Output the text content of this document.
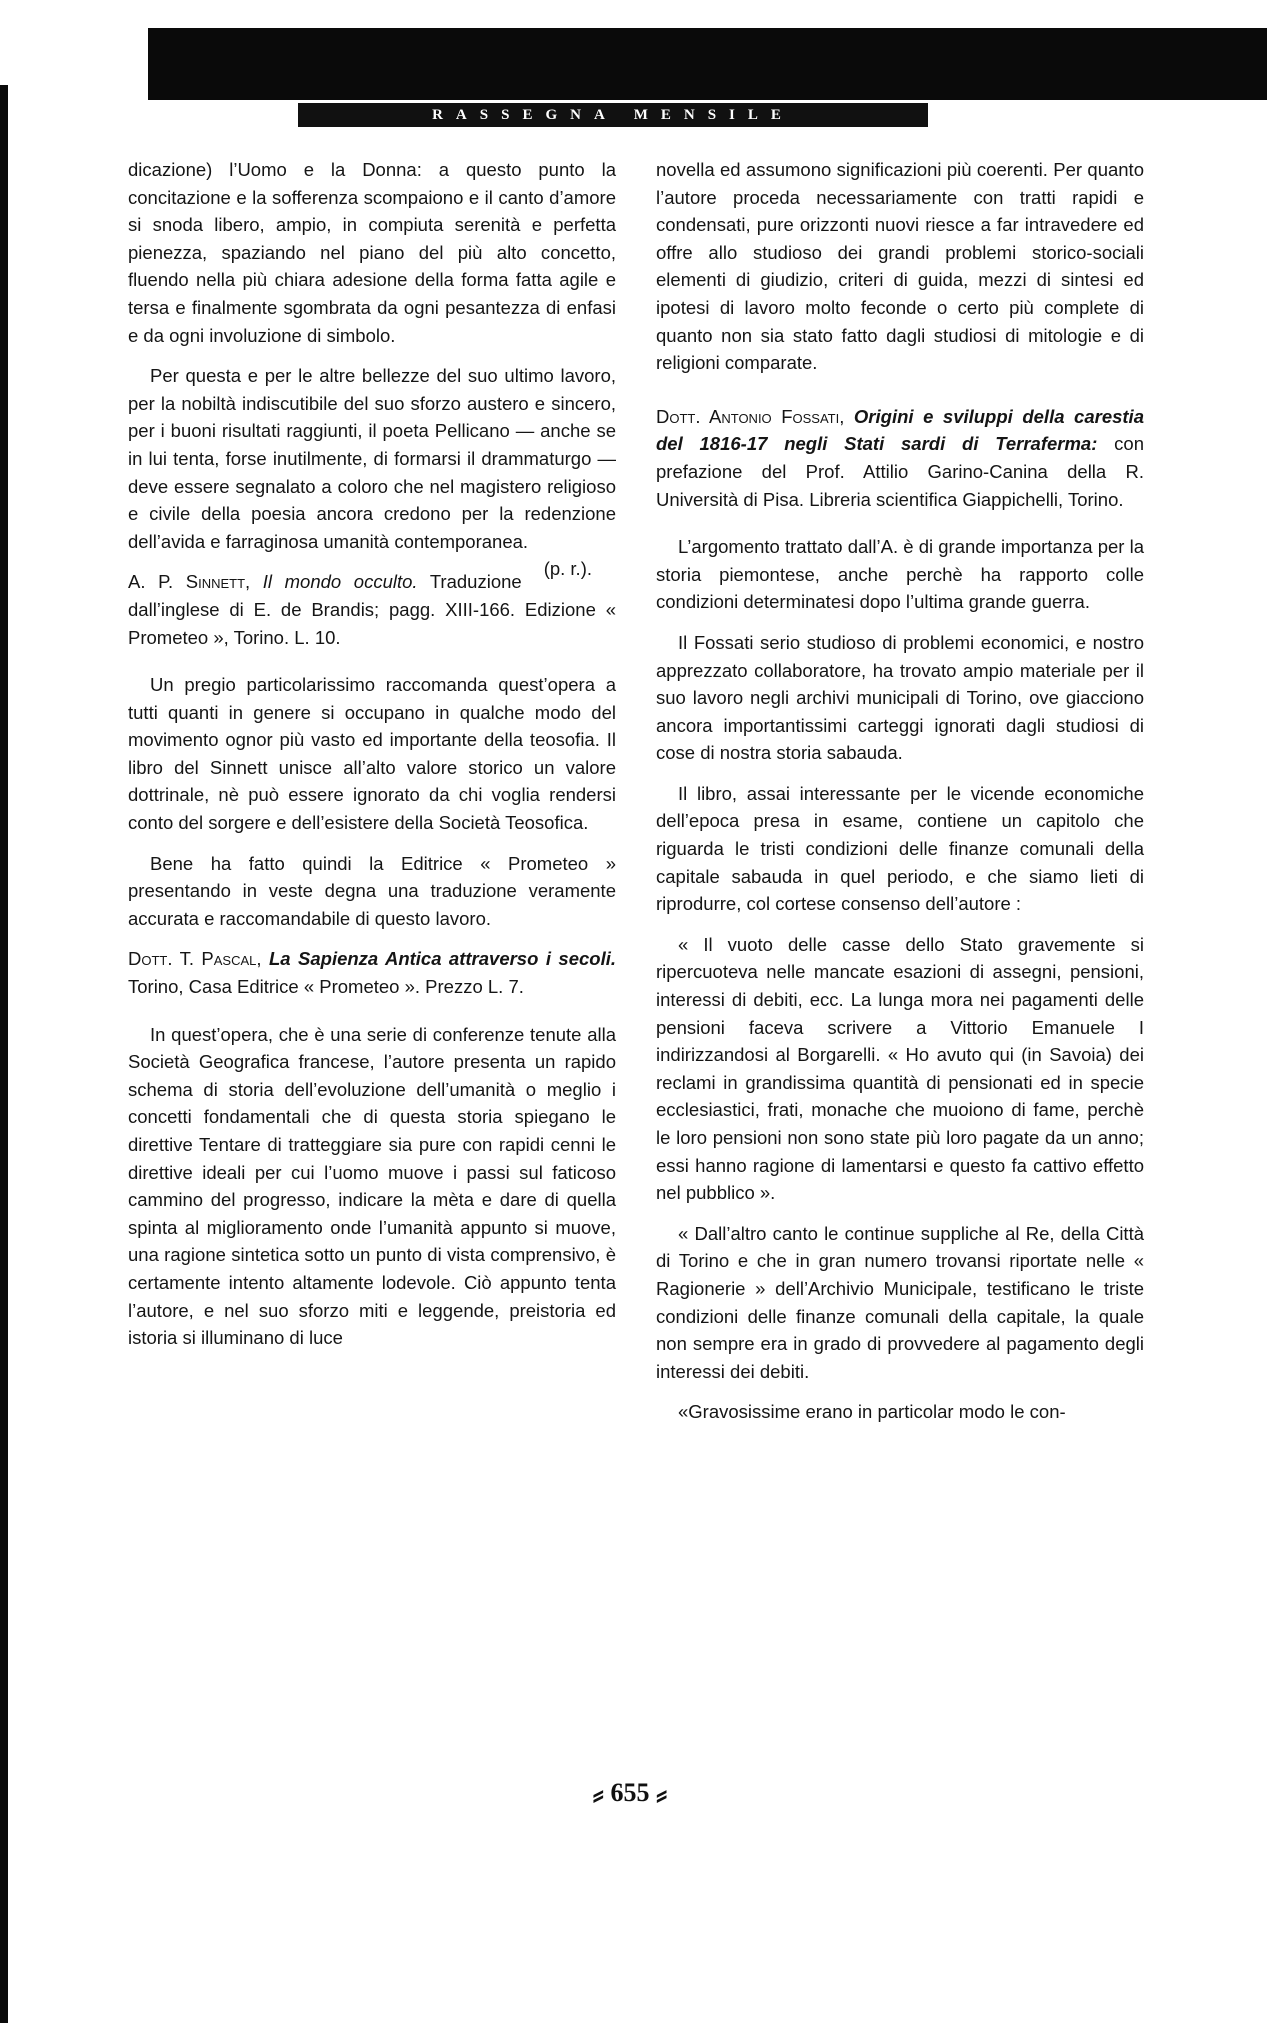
RASSEGNA MENSILE

dicazione) l’Uomo e la Donna: a questo punto la concitazione e la sofferenza scompaiono e il canto d’amore si snoda libero, ampio, in compiuta serenità e perfetta pienezza, spaziando nel piano del più alto concetto, fluendo nella più chiara adesione della forma fatta agile e tersa e finalmente sgombrata da ogni pesantezza di enfasi e da ogni involuzione di simbolo.

Per questa e per le altre bellezze del suo ultimo lavoro, per la nobiltà indiscutibile del suo sforzo austero e sincero, per i buoni risultati raggiunti, il poeta Pellicano — anche se in lui tenta, forse inutilmente, di formarsi il drammaturgo — deve essere segnalato a coloro che nel magistero religioso e civile della poesia ancora credono per la redenzione dell’avida e farraginosa umanità contemporanea.
(p. r.).

A. P. Sinnett, Il mondo occulto. Traduzione dall’inglese di E. de Brandis; pagg. XIII-166. Edizione « Prometeo », Torino. L. 10.

Un pregio particolarissimo raccomanda quest’opera a tutti quanti in genere si occupano in qualche modo del movimento ognor più vasto ed importante della teosofia. Il libro del Sinnett unisce all’alto valore storico un valore dottrinale, nè può essere ignorato da chi voglia rendersi conto del sorgere e dell’esistere della Società Teosofica.

Bene ha fatto quindi la Editrice « Prometeo » presentando in veste degna una traduzione veramente accurata e raccomandabile di questo lavoro.

Dott. T. Pascal, La Sapienza Antica attraverso i secoli. Torino, Casa Editrice « Prometeo ». Prezzo L. 7.

In quest’opera, che è una serie di conferenze tenute alla Società Geografica francese, l’autore presenta un rapido schema di storia dell’evoluzione dell’umanità o meglio i concetti fondamentali che di questa storia spiegano le direttive Tentare di tratteggiare sia pure con rapidi cenni le direttive ideali per cui l’uomo muove i passi sul faticoso cammino del progresso, indicare la mèta e dare di quella spinta al miglioramento onde l’umanità appunto si muove, una ragione sintetica sotto un punto di vista comprensivo, è certamente intento altamente lodevole. Ciò appunto tenta l’autore, e nel suo sforzo miti e leggende, preistoria ed istoria si illuminano di luce

novella ed assumono significazioni più coerenti. Per quanto l’autore proceda necessariamente con tratti rapidi e condensati, pure orizzonti nuovi riesce a far intravedere ed offre allo studioso dei grandi problemi storico-sociali elementi di giudizio, criteri di guida, mezzi di sintesi ed ipotesi di lavoro molto feconde o certo più complete di quanto non sia stato fatto dagli studiosi di mitologie e di religioni comparate.

Dott. Antonio Fossati, Origini e sviluppi della carestia del 1816-17 negli Stati sardi di Terraferma: con prefazione del Prof. Attilio Garino-Canina della R. Università di Pisa. Libreria scientifica Giappichelli, Torino.

L’argomento trattato dall’A. è di grande importanza per la storia piemontese, anche perchè ha rapporto colle condizioni determinatesi dopo l’ultima grande guerra.

Il Fossati serio studioso di problemi economici, e nostro apprezzato collaboratore, ha trovato ampio materiale per il suo lavoro negli archivi municipali di Torino, ove giacciono ancora importantissimi carteggi ignorati dagli studiosi di cose di nostra storia sabauda.

Il libro, assai interessante per le vicende economiche dell’epoca presa in esame, contiene un capitolo che riguarda le tristi condizioni delle finanze comunali della capitale sabauda in quel periodo, e che siamo lieti di riprodurre, col cortese consenso dell’autore :

« Il vuoto delle casse dello Stato gravemente si ripercuoteva nelle mancate esazioni di assegni, pensioni, interessi di debiti, ecc. La lunga mora nei pagamenti delle pensioni faceva scrivere a Vittorio Emanuele I indirizzandosi al Borgarelli. « Ho avuto qui (in Savoia) dei reclami in grandissima quantità di pensionati ed in specie ecclesiastici, frati, monache che muoiono di fame, perchè le loro pensioni non sono state più loro pagate da un anno; essi hanno ragione di lamentarsi e questo fa cattivo effetto nel pubblico ».

« Dall’altro canto le continue suppliche al Re, della Città di Torino e che in gran numero trovansi riportate nelle « Ragionerie » dell’Archivio Municipale, testificano le triste condizioni delle finanze comunali della capitale, la quale non sempre era in grado di provvedere al pagamento degli interessi dei debiti.

«Gravosissime erano in particolar modo le con-

⸗ 655 ⸗
